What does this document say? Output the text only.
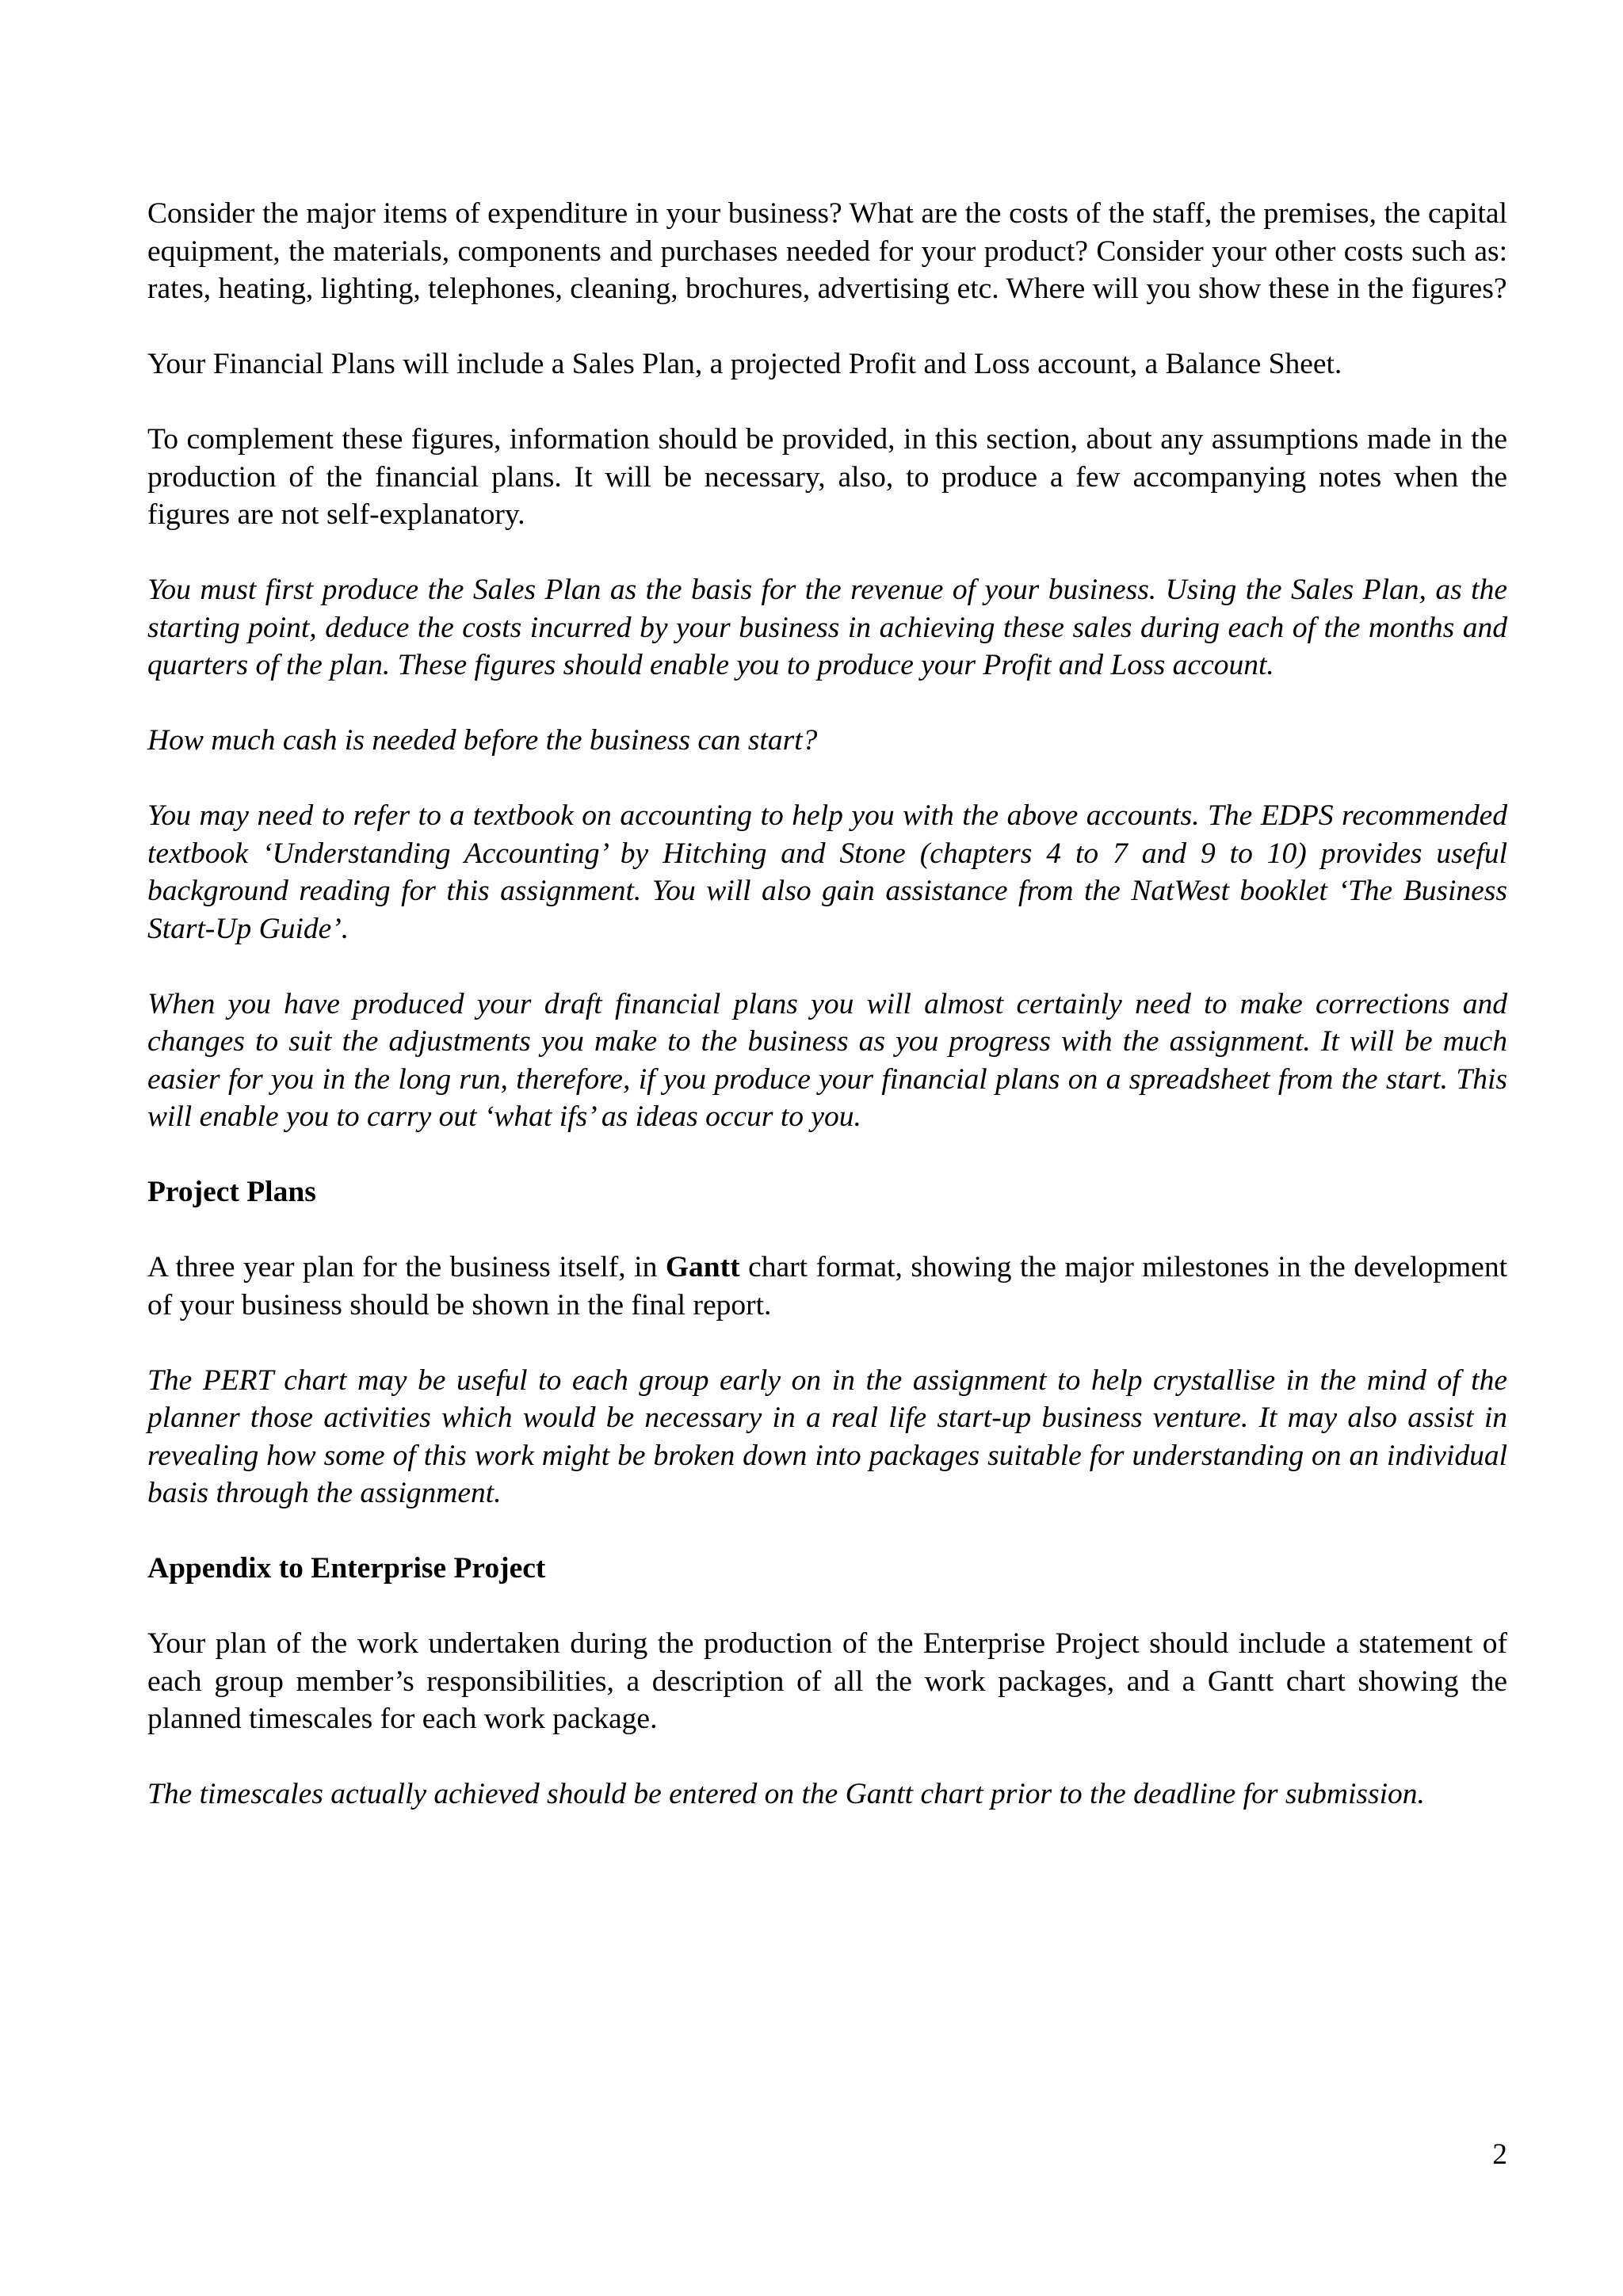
Consider the major items of expenditure in your business? What are the costs of the staff, the premises, the capital equipment, the materials, components and purchases needed for your product? Consider your other costs such as: rates, heating, lighting, telephones, cleaning, brochures, advertising etc. Where will you show these in the figures?

Your Financial Plans will include a Sales Plan, a projected Profit and Loss account, a Balance Sheet.

To complement these figures, information should be provided, in this section, about any assumptions made in the production of the financial plans. It will be necessary, also, to produce a few accompanying notes when the figures are not self-explanatory.

You must first produce the Sales Plan as the basis for the revenue of your business. Using the Sales Plan, as the starting point, deduce the costs incurred by your business in achieving these sales during each of the months and quarters of the plan. These figures should enable you to produce your Profit and Loss account.

How much cash is needed before the business can start?

You may need to refer to a textbook on accounting to help you with the above accounts. The EDPS recommended textbook ‘Understanding Accounting’ by Hitching and Stone (chapters 4 to 7 and 9 to 10) provides useful background reading for this assignment. You will also gain assistance from the NatWest booklet ‘The Business Start-Up Guide’.

When you have produced your draft financial plans you will almost certainly need to make corrections and changes to suit the adjustments you make to the business as you progress with the assignment. It will be much easier for you in the long run, therefore, if you produce your financial plans on a spreadsheet from the start. This will enable you to carry out ‘what ifs’ as ideas occur to you.

Project Plans

A three year plan for the business itself, in Gantt chart format, showing the major milestones in the development of your business should be shown in the final report.

The PERT chart may be useful to each group early on in the assignment to help crystallise in the mind of the planner those activities which would be necessary in a real life start-up business venture. It may also assist in revealing how some of this work might be broken down into packages suitable for understanding on an individual basis through the assignment.

Appendix to Enterprise Project

Your plan of the work undertaken during the production of the Enterprise Project should include a statement of each group member’s responsibilities, a description of all the work packages, and a Gantt chart showing the planned timescales for each work package.

The timescales actually achieved should be entered on the Gantt chart prior to the deadline for submission.

2
